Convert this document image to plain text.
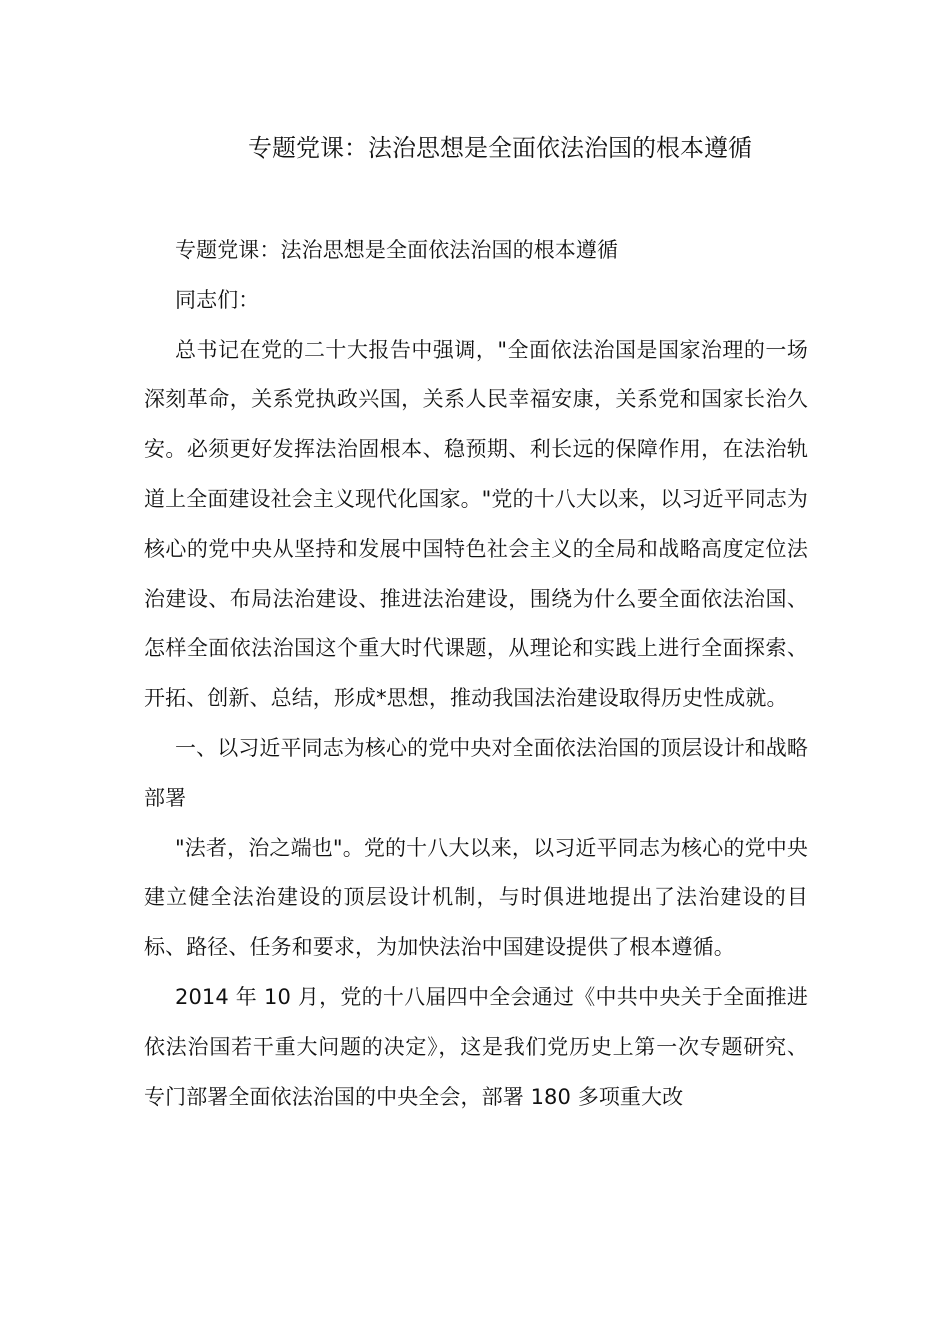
专题党课：法治思想是全面依法治国的根本遵循

专题党课：法治思想是全面依法治国的根本遵循

同志们：

总书记在党的二十大报告中强调，"全面依法治国是国家治理的一场深刻革命，关系党执政兴国，关系人民幸福安康，关系党和国家长治久安。必须更好发挥法治固根本、稳预期、利长远的保障作用，在法治轨道上全面建设社会主义现代化国家。"党的十八大以来，以习近平同志为核心的党中央从坚持和发展中国特色社会主义的全局和战略高度定位法治建设、布局法治建设、推进法治建设，围绕为什么要全面依法治国、怎样全面依法治国这个重大时代课题，从理论和实践上进行全面探索、开拓、创新、总结，形成*思想，推动我国法治建设取得历史性成就。

一、以习近平同志为核心的党中央对全面依法治国的顶层设计和战略部署

"法者，治之端也"。党的十八大以来，以习近平同志为核心的党中央建立健全法治建设的顶层设计机制，与时俱进地提出了法治建设的目标、路径、任务和要求，为加快法治中国建设提供了根本遵循。

2014 年 10 月，党的十八届四中全会通过《中共中央关于全面推进依法治国若干重大问题的决定》，这是我们党历史上第一次专题研究、专门部署全面依法治国的中央全会，部署 180 多项重大改
